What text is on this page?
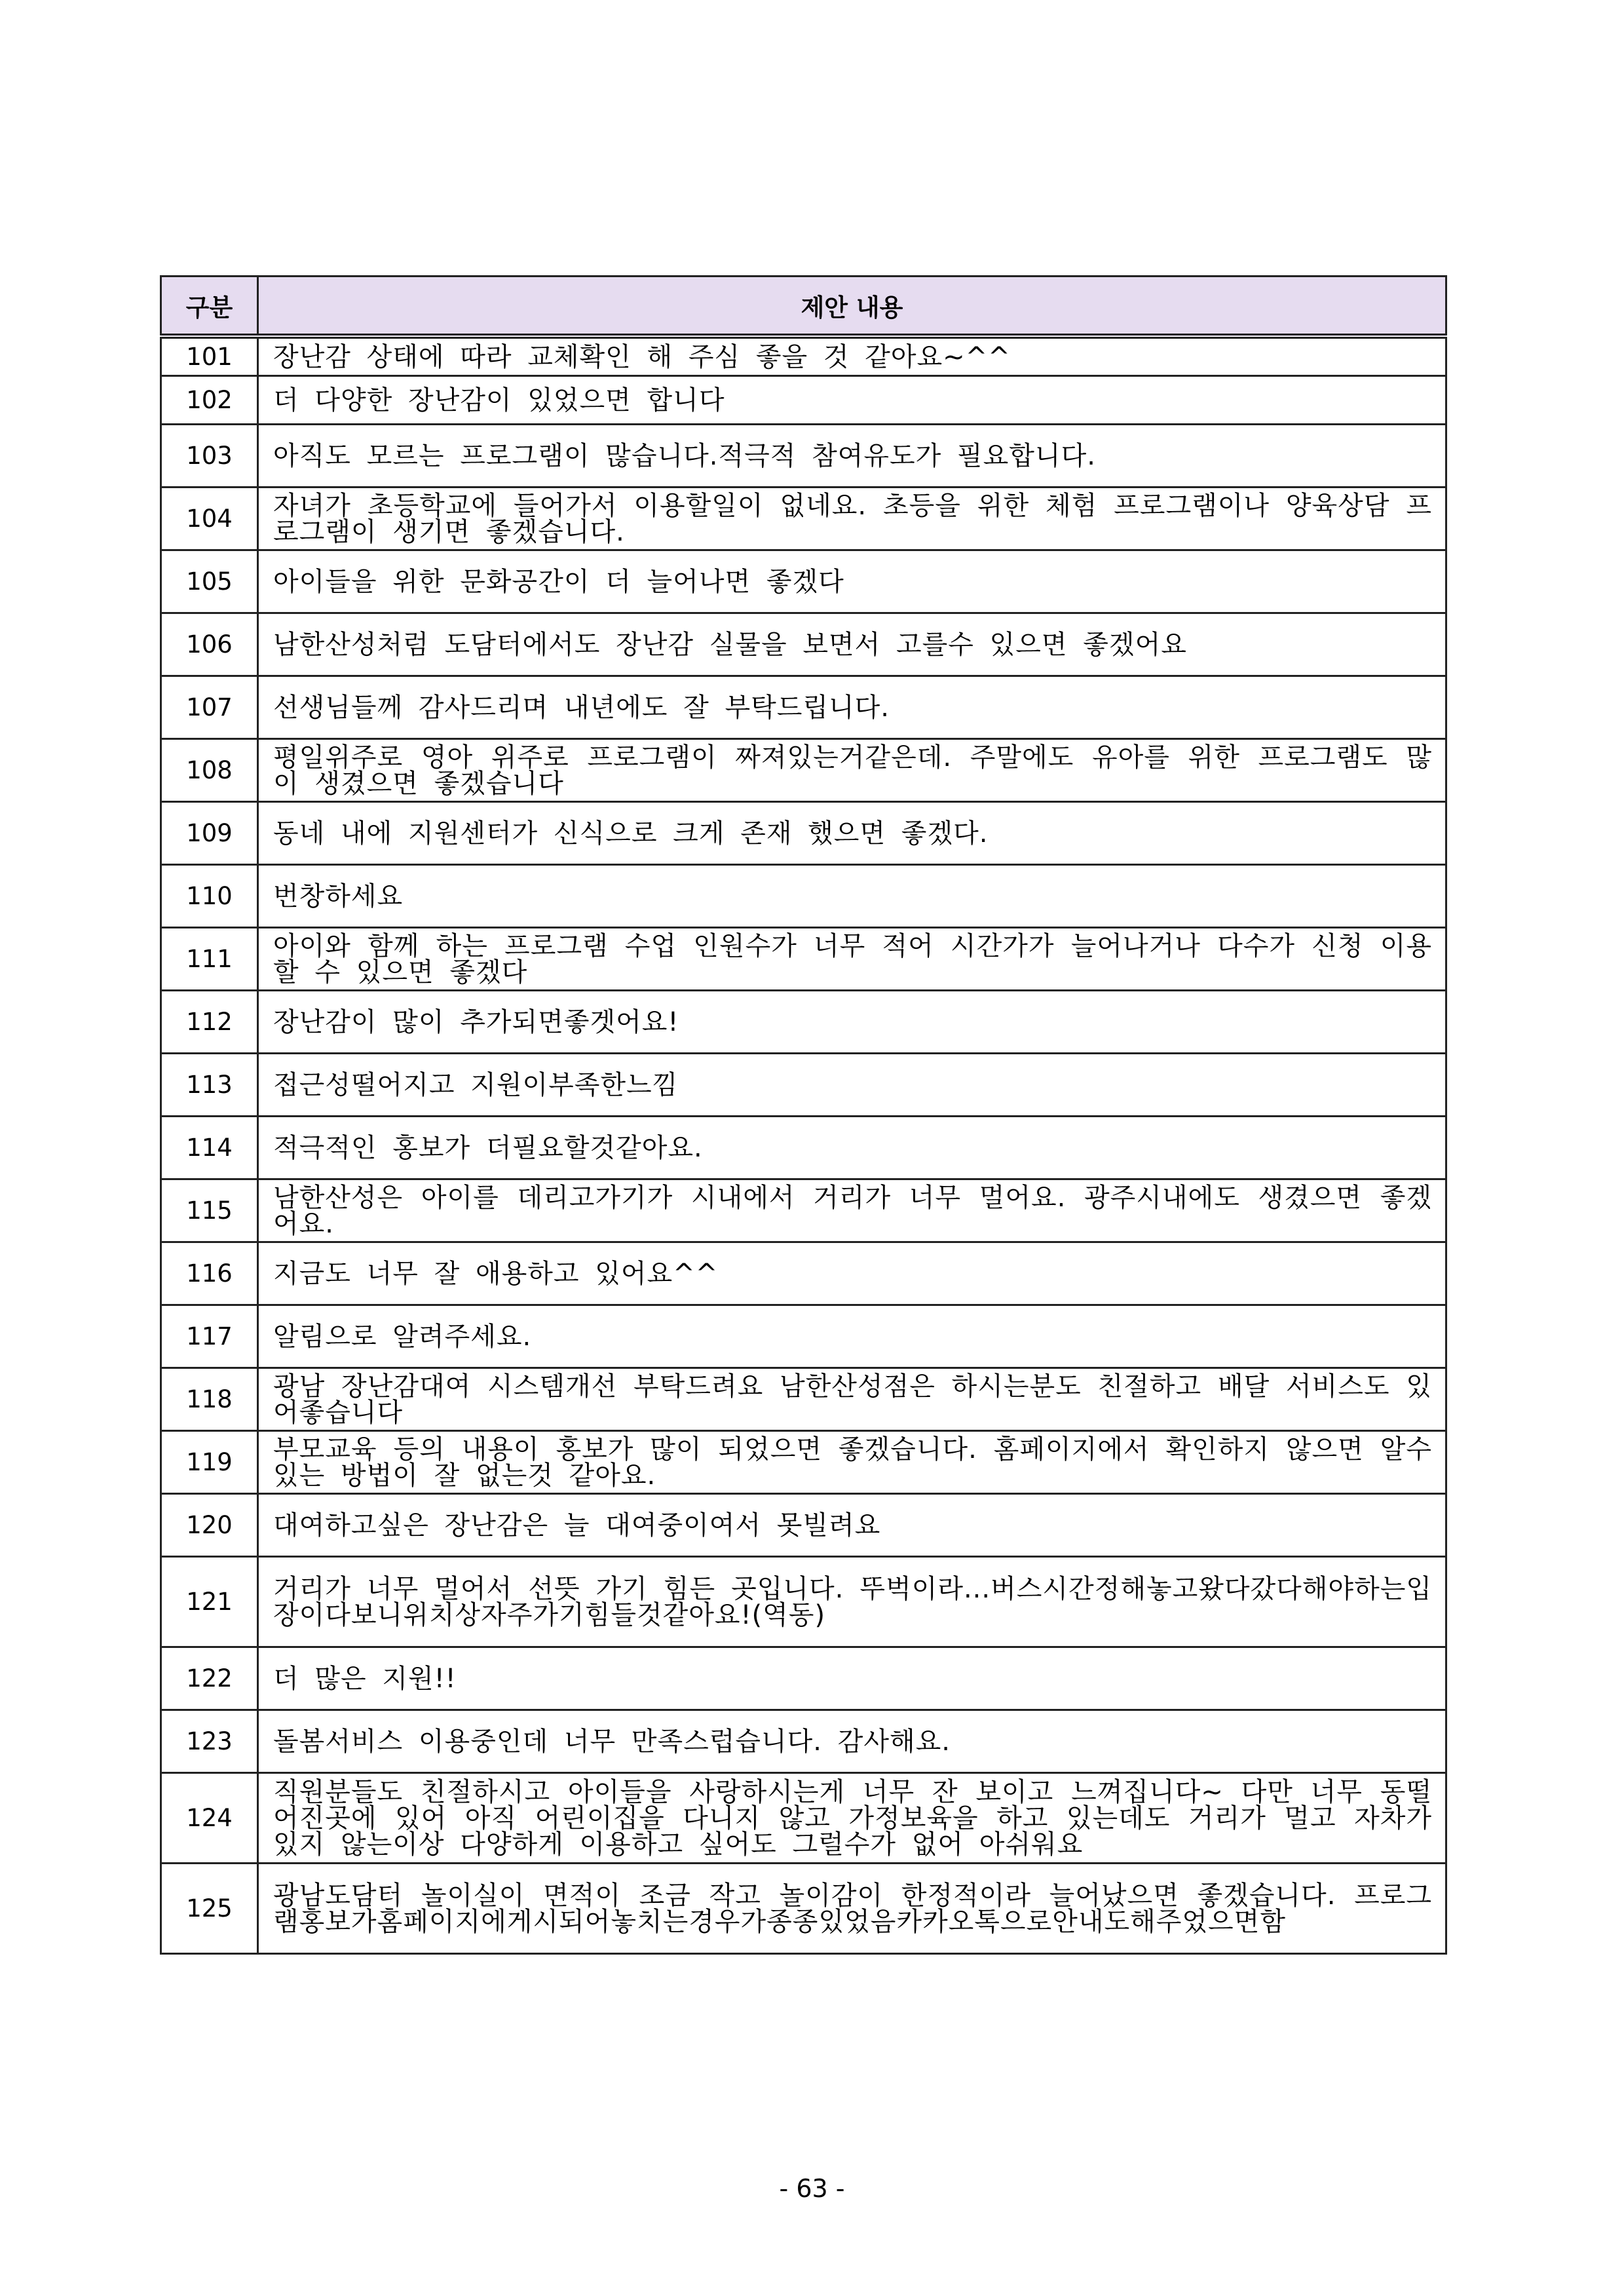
구분	제안 내용
101	장난감 상태에 따라 교체확인 해 주심 좋을 것 같아요~^^
102	더 다양한 장난감이 있었으면 합니다
103	아직도 모르는 프로그램이 많습니다.적극적 참여유도가 필요합니다.
104	자녀가 초등학교에 들어가서 이용할일이 없네요. 초등을 위한 체험 프로그램이나 양육상담 프로그램이 생기면 좋겠습니다.
105	아이들을 위한 문화공간이 더 늘어나면 좋겠다
106	남한산성처럼 도담터에서도 장난감 실물을 보면서 고를수 있으면 좋겠어요
107	선생님들께 감사드리며 내년에도 잘 부탁드립니다.
108	평일위주로 영아 위주로 프로그램이 짜져있는거같은데. 주말에도 유아를 위한 프로그램도 많이 생겼으면 좋겠습니다
109	동네 내에 지원센터가 신식으로 크게 존재 했으면 좋겠다.
110	번창하세요
111	아이와 함께 하는 프로그램 수업 인원수가 너무 적어 시간가가 늘어나거나 다수가 신청 이용할 수 있으면 좋겠다
112	장난감이 많이 추가되면좋겟어요!
113	접근성떨어지고 지원이부족한느낌
114	적극적인 홍보가 더필요할것같아요.
115	남한산성은 아이를 데리고가기가 시내에서 거리가 너무 멀어요. 광주시내에도 생겼으면 좋겠어요.
116	지금도 너무 잘 애용하고 있어요^^
117	알림으로 알려주세요.
118	광남 장난감대여 시스템개선 부탁드려요 남한산성점은 하시는분도 친절하고 배달 서비스도 있어좋습니다
119	부모교육 등의 내용이 홍보가 많이 되었으면 좋겠습니다. 홈페이지에서 확인하지 않으면 알수있는 방법이 잘 없는것 같아요.
120	대여하고싶은 장난감은 늘 대여중이여서 못빌려요
121	거리가 너무 멀어서 선뜻 가기 힘든 곳입니다. 뚜벅이라...버스시간정해놓고왔다갔다해야하는입장이다보니위치상자주가기힘들것같아요!(역동)
122	더 많은 지원!!
123	돌봄서비스 이용중인데 너무 만족스럽습니다. 감사해요.
124	직원분들도 친절하시고 아이들을 사랑하시는게 너무 잔 보이고 느껴집니다~ 다만 너무 동떨어진곳에 있어 아직 어린이집을 다니지 않고 가정보육을 하고 있는데도 거리가 멀고 자차가 있지 않는이상 다양하게 이용하고 싶어도 그럴수가 없어 아쉬워요
125	광남도담터 놀이실이 면적이 조금 작고 놀이감이 한정적이라 늘어났으면 좋겠습니다. 프로그램홍보가홈페이지에게시되어놓치는경우가종종있었음카카오톡으로안내도해주었으면함
- 63 -
